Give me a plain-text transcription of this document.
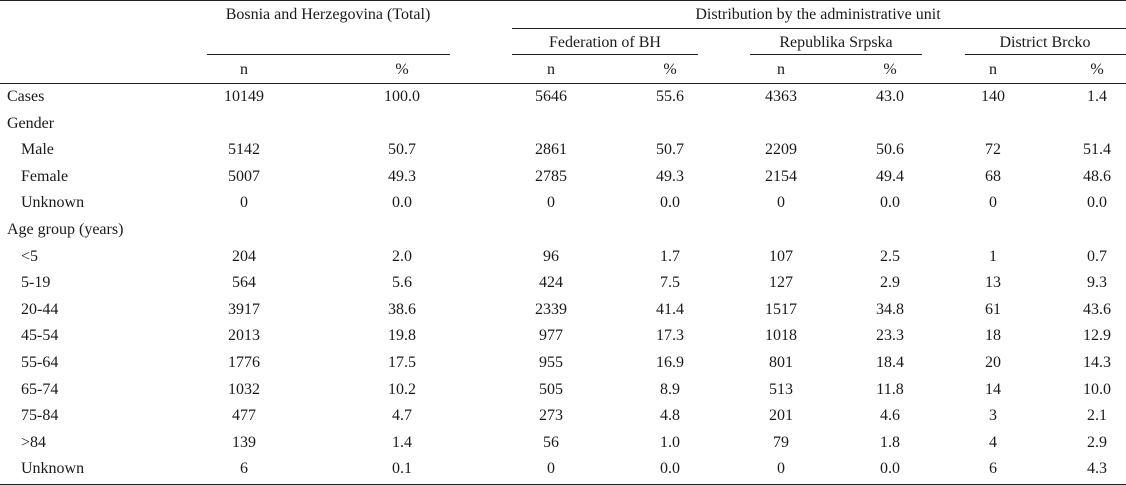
Bosnia and Herzegovina (Total)	Distribution by the administrative unit
Federation of BH	Republika Srpska	District Brcko
n	%	n	%	n	%	n	%
Cases	10149	100.0	5646	55.6	4363	43.0	140	1.4
Gender
Male	5142	50.7	2861	50.7	2209	50.6	72	51.4
Female	5007	49.3	2785	49.3	2154	49.4	68	48.6
Unknown	0	0.0	0	0.0	0	0.0	0	0.0
Age group (years)
<5	204	2.0	96	1.7	107	2.5	1	0.7
5-19	564	5.6	424	7.5	127	2.9	13	9.3
20-44	3917	38.6	2339	41.4	1517	34.8	61	43.6
45-54	2013	19.8	977	17.3	1018	23.3	18	12.9
55-64	1776	17.5	955	16.9	801	18.4	20	14.3
65-74	1032	10.2	505	8.9	513	11.8	14	10.0
75-84	477	4.7	273	4.8	201	4.6	3	2.1
>84	139	1.4	56	1.0	79	1.8	4	2.9
Unknown	6	0.1	0	0.0	0	0.0	6	4.3
